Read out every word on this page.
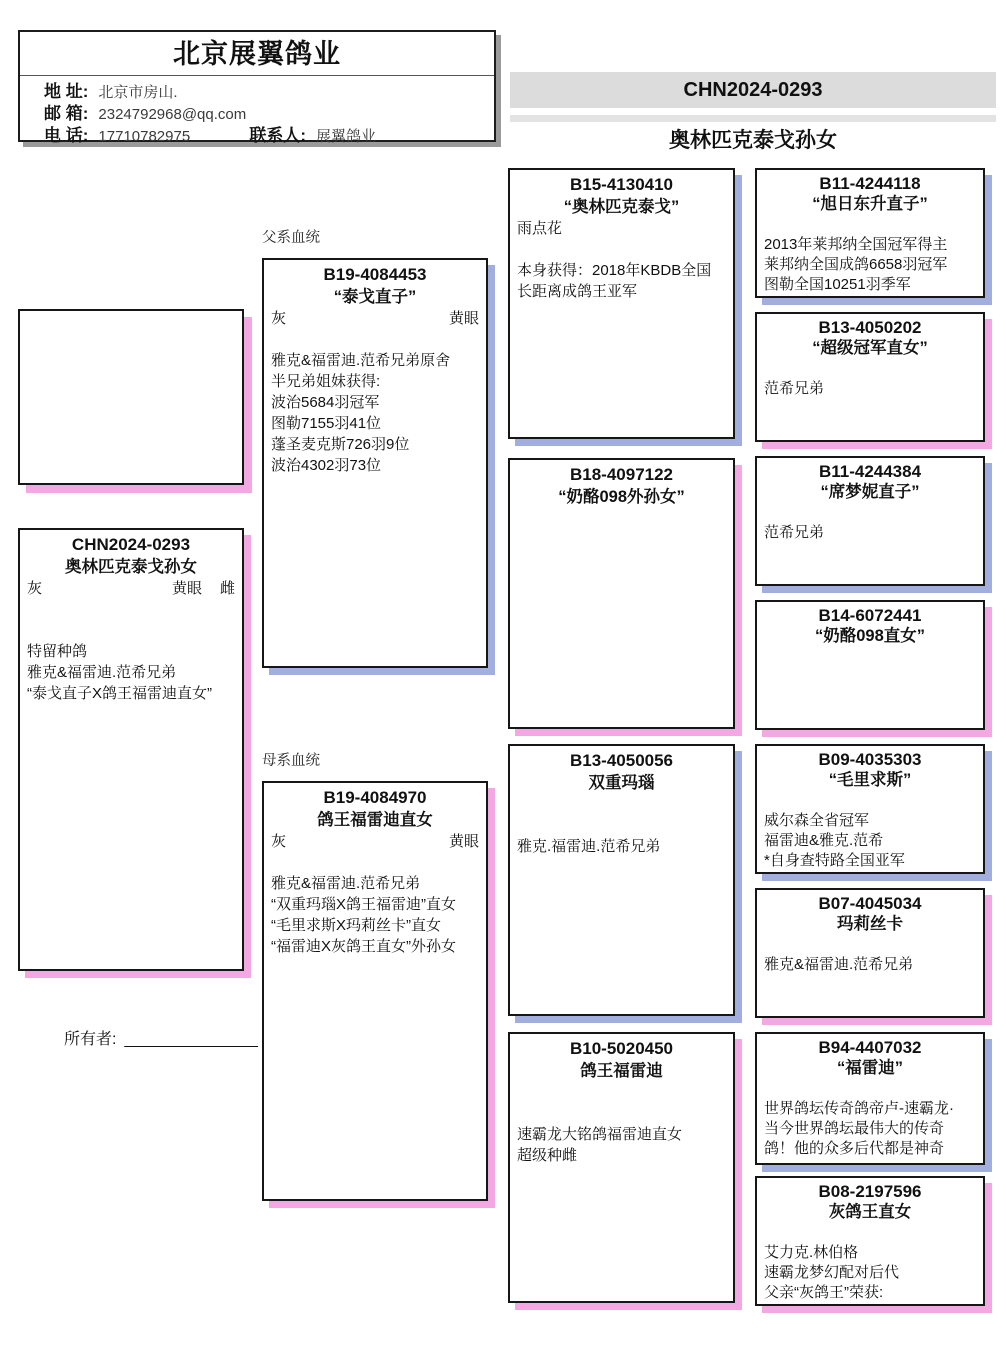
北京展翼鸽业
地 址: 北京市房山.
邮 箱: 2324792968@qq.com
电 话: 17710782975	联系人: 展翼鸽业
CHN2024-0293
奥林匹克泰戈孙女
CHN2024-0293
奥林匹克泰戈孙女
灰	黄眼 雌
特留种鸽
雅克&福雷迪.范希兄弟
“泰戈直子X鸽王福雷迪直女”
所有者: _______________
父系血统
B19-4084453
“泰戈直子”
灰	黄眼
雅克&福雷迪.范希兄弟原舍
半兄弟姐妹获得:
波治5684羽冠军
图勒7155羽41位
蓬圣麦克斯726羽9位
波治4302羽73位
母系血统
B19-4084970
鸽王福雷迪直女
灰	黄眼
雅克&福雷迪.范希兄弟
“双重玛瑙X鸽王福雷迪”直女
“毛里求斯X玛莉丝卡”直女
“福雷迪X灰鸽王直女”外孙女
B15-4130410
“奥林匹克泰戈”
雨点花
本身获得：2018年KBDB全国
长距离成鸽王亚军
B18-4097122
“奶酪098外孙女”
B13-4050056
双重玛瑙
雅克.福雷迪.范希兄弟
B10-5020450
鸽王福雷迪
速霸龙大铭鸽福雷迪直女
超级种雌
B11-4244118
“旭日东升直子”
2013年莱邦纳全国冠军得主
莱邦纳全国成鸽6658羽冠军
图勒全国10251羽季军
B13-4050202
“超级冠军直女”
范希兄弟
B11-4244384
“席梦妮直子”
范希兄弟
B14-6072441
“奶酪098直女”
B09-4035303
“毛里求斯”
威尔森全省冠军
福雷迪&雅克.范希
*自身查特路全国亚军
B07-4045034
玛莉丝卡
雅克&福雷迪.范希兄弟
B94-4407032
“福雷迪”
世界鸽坛传奇鸽帝卢-速霸龙·
当今世界鸽坛最伟大的传奇
鸽！他的众多后代都是神奇
B08-2197596
灰鸽王直女
艾力克.林伯格
速霸龙梦幻配对后代
父亲“灰鸽王”荣获:
